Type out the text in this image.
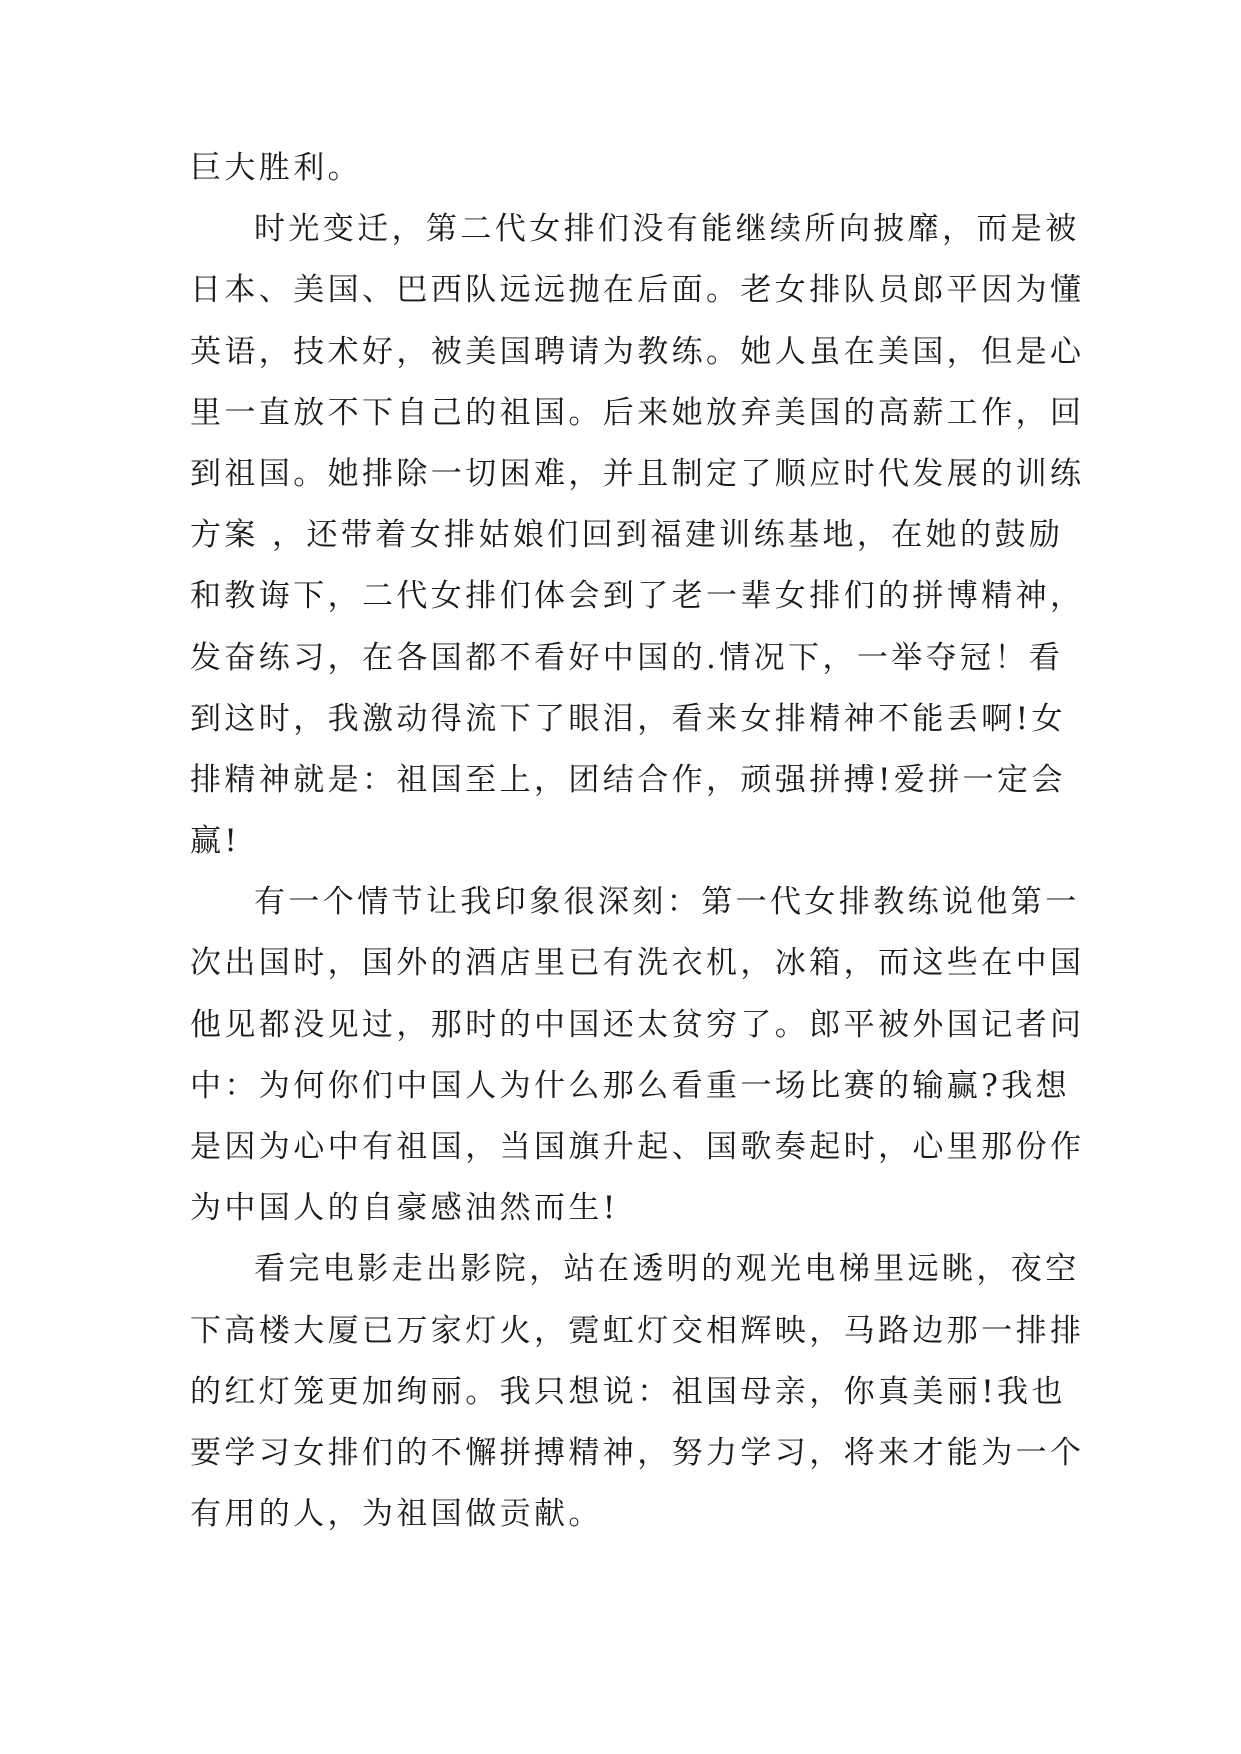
巨大胜利。
时光变迁，第二代女排们没有能继续所向披靡，而是被
日本、美国、巴西队远远抛在后面。老女排队员郎平因为懂
英语，技术好，被美国聘请为教练。她人虽在美国，但是心
里一直放不下自己的祖国。后来她放弃美国的高薪工作，回
到祖国。她排除一切困难，并且制定了顺应时代发展的训练
方案 ，还带着女排姑娘们回到福建训练基地，在她的鼓励
和教诲下，二代女排们体会到了老一辈女排们的拼博精神，
发奋练习，在各国都不看好中国的.情况下，一举夺冠！看
到这时，我激动得流下了眼泪，看来女排精神不能丢啊!女
排精神就是：祖国至上，团结合作，顽强拼搏!爱拼一定会
赢!
有一个情节让我印象很深刻：第一代女排教练说他第一
次出国时，国外的酒店里已有洗衣机，冰箱，而这些在中国
他见都没见过，那时的中国还太贫穷了。郎平被外国记者问
中：为何你们中国人为什么那么看重一场比赛的输赢?我想
是因为心中有祖国，当国旗升起、国歌奏起时，心里那份作
为中国人的自豪感油然而生!
看完电影走出影院，站在透明的观光电梯里远眺，夜空
下高楼大厦已万家灯火，霓虹灯交相辉映，马路边那一排排
的红灯笼更加绚丽。我只想说：祖国母亲，你真美丽!我也
要学习女排们的不懈拼搏精神，努力学习，将来才能为一个
有用的人，为祖国做贡献。
